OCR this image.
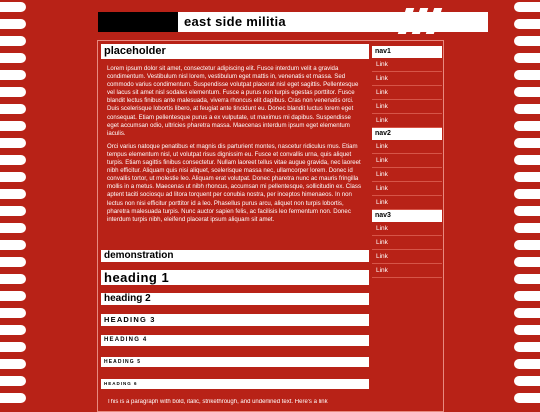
east side militia
placeholder

Lorem ipsum dolor sit amet, consectetur adipiscing elit. Fusce interdum velit a gravida condimentum. Vestibulum nisl lorem, vestibulum eget mattis in, venenatis et massa. Sed commodo varius condimentum. Suspendisse volutpat placerat nisl eget sagittis. Pellentesque vel lacus sit amet nisl sodales elementum. Fusce a purus non turpis egestas porttitor. Fusce blandit lectus finibus ante malesuada, viverra rhoncus elit dapibus. Cras non venenatis orci. Duis scelerisque lobortis libero, at feugiat ante tincidunt eu. Donec blandit luctus lorem eget consequat. Etiam pellentesque purus a ex vulputate, ut maximus mi dapibus. Suspendisse eget accumsan odio, ultricies pharetra massa. Maecenas interdum ipsum eget elementum iaculis.

Orci varius natoque penatibus et magnis dis parturient montes, nascetur ridiculus mus. Etiam tempus elementum nisl, ut volutpat risus dignissim eu. Fusce et convallis urna, quis aliquet turpis. Etiam sagittis finibus consectetur. Nullam laoreet tellus vitae augue gravida, nec laoreet nibh efficitur. Aliquam quis nisi aliquet, scelerisque massa nec, ullamcorper lorem. Donec id convallis tortor, ut molestie leo. Aliquam erat volutpat. Donec pharetra nunc ac mauris fringilla mollis in a metus. Maecenas ut nibh rhoncus, accumsan mi pellentesque, sollicitudin ex. Class aptent taciti sociosqu ad litora torquent per conubia nostra, per inceptos himenaeos. In non lectus non nisi efficitur porttitor id a leo. Phasellus purus arcu, aliquet non turpis lobortis, pharetra malesuada turpis. Nunc auctor sapien felis, ac facilisis leo fermentum non. Donec interdum turpis nibh, eleifend placerat ipsum aliquam sit amet.

demonstration
heading 1
heading 2
HEADING 3
HEADING 4
HEADING 5
HEADING 6
This is a paragraph with bold, italic, strikethrough, and underlined text. Here's a link
nav1
Link
Link
Link
Link
Link
nav2
Link
Link
Link
Link
Link
nav3
Link
Link
Link
Link
